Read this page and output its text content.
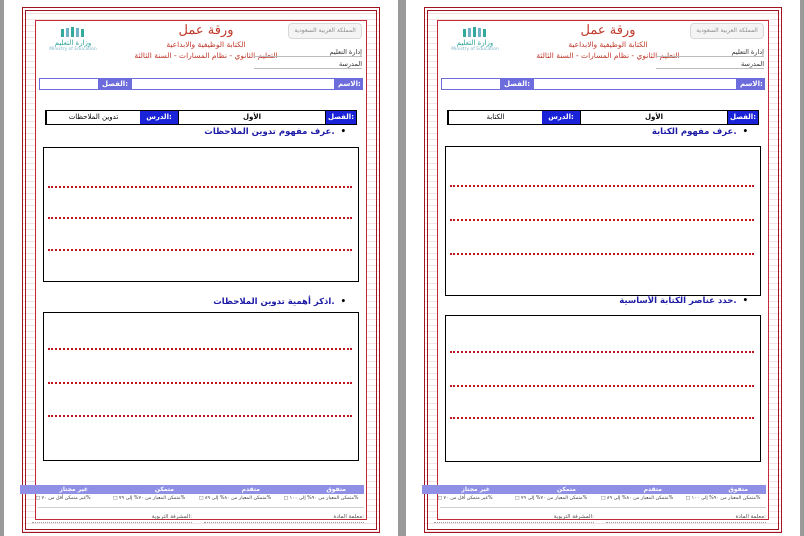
وزارة التعليم
Ministry of Education
ورقة عمل
الكتابة الوظيفية والابداعية
التعليم الثانوي - نظام المسارات - السنة الثالثة
المملكة العربية السعودية
إدارة التعليم
المدرسة
الاسم:
الفصل:
الفصل:
الأول
الدرس:
تدوين الملاحظات
عرف مفهوم تدوين الملاحظات. •
اذكر أهمية تدوين الملاحظات. •
متفوق
متقدم
متمكن
غير مجتاز
□ متمكن المعيار من ٩٠% إلى ١٠٠%
□ متمكن المعيار من ٨٠% إلى ٨٩%
□ متمكن المعيار من ٧٠% إلى ٧٩%
□ غير متمكن أقل من ٧٠%
معلمة المادة:
المشرفة التربوية:
وزارة التعليم
Ministry of Education
ورقة عمل
الكتابة الوظيفية والابداعية
التعليم الثانوي - نظام المسارات - السنة الثالثة
المملكة العربية السعودية
إدارة التعليم
المدرسة
الاسم:
الفصل:
الفصل:
الأول
الدرس:
الكتابة
عرف مفهوم الكتابة. •
حدد عناصر الكتابة الأساسية. •
متفوق
متقدم
متمكن
غير مجتاز
□ متمكن المعيار من ٩٠% إلى ١٠٠%
□ متمكن المعيار من ٨٠% إلى ٨٩%
□ متمكن المعيار من ٧٠% إلى ٧٩%
□ غير متمكن أقل من ٧٠%
معلمة المادة:
المشرفة التربوية:
